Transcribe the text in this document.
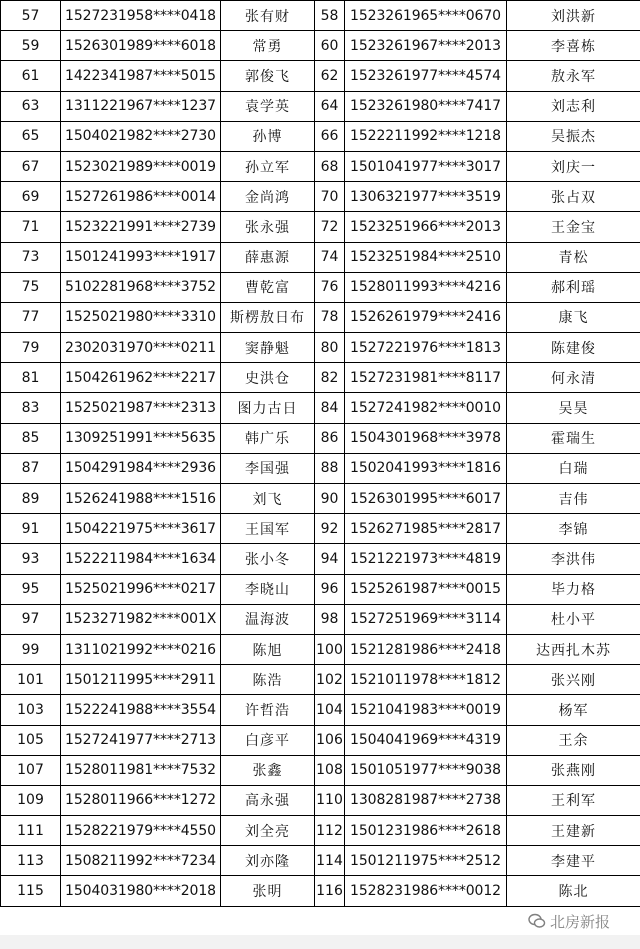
57	1527231958****0418	张有财	58	1523261965****0670	刘洪新
59	1526301989****6018	常勇	60	1523261967****2013	李喜栋
61	1422341987****5015	郭俊飞	62	1523261977****4574	敖永军
63	1311221967****1237	袁学英	64	1523261980****7417	刘志利
65	1504021982****2730	孙博	66	1522211992****1218	吴振杰
67	1523021989****0019	孙立军	68	1501041977****3017	刘庆一
69	1527261986****0014	金尚鸿	70	1306321977****3519	张占双
71	1523221991****2739	张永强	72	1523251966****2013	王金宝
73	1501241993****1917	薛惠源	74	1523251984****2510	青松
75	5102281968****3752	曹乾富	76	1528011993****4216	郝利瑶
77	1525021980****3310	斯楞敖日布	78	1526261979****2416	康飞
79	2302031970****0211	窦静魁	80	1527221976****1813	陈建俊
81	1504261962****2217	史洪仓	82	1527231981****8117	何永清
83	1525021987****2313	图力古日	84	1527241982****0010	吴昊
85	1309251991****5635	韩广乐	86	1504301968****3978	霍瑞生
87	1504291984****2936	李国强	88	1502041993****1816	白瑞
89	1526241988****1516	刘飞	90	1526301995****6017	吉伟
91	1504221975****3617	王国军	92	1526271985****2817	李锦
93	1522211984****1634	张小冬	94	1521221973****4819	李洪伟
95	1525021996****0217	李晓山	96	1525261987****0015	毕力格
97	1523271982****001X	温海波	98	1527251969****3114	杜小平
99	1311021992****0216	陈旭	100	1521281986****2418	达西扎木苏
101	1501211995****2911	陈浩	102	1521011978****1812	张兴刚
103	1522241988****3554	许哲浩	104	1521041983****0019	杨军
105	1527241977****2713	白彦平	106	1504041969****4319	王余
107	1528011981****7532	张鑫	108	1501051977****9038	张燕刚
109	1528011966****1272	高永强	110	1308281987****2738	王利军
111	1528221979****4550	刘全亮	112	1501231986****2618	王建新
113	1508211992****7234	刘亦隆	114	1501211975****2512	李建平
115	1504031980****2018	张明	116	1528231986****0012	陈北
北房新报
